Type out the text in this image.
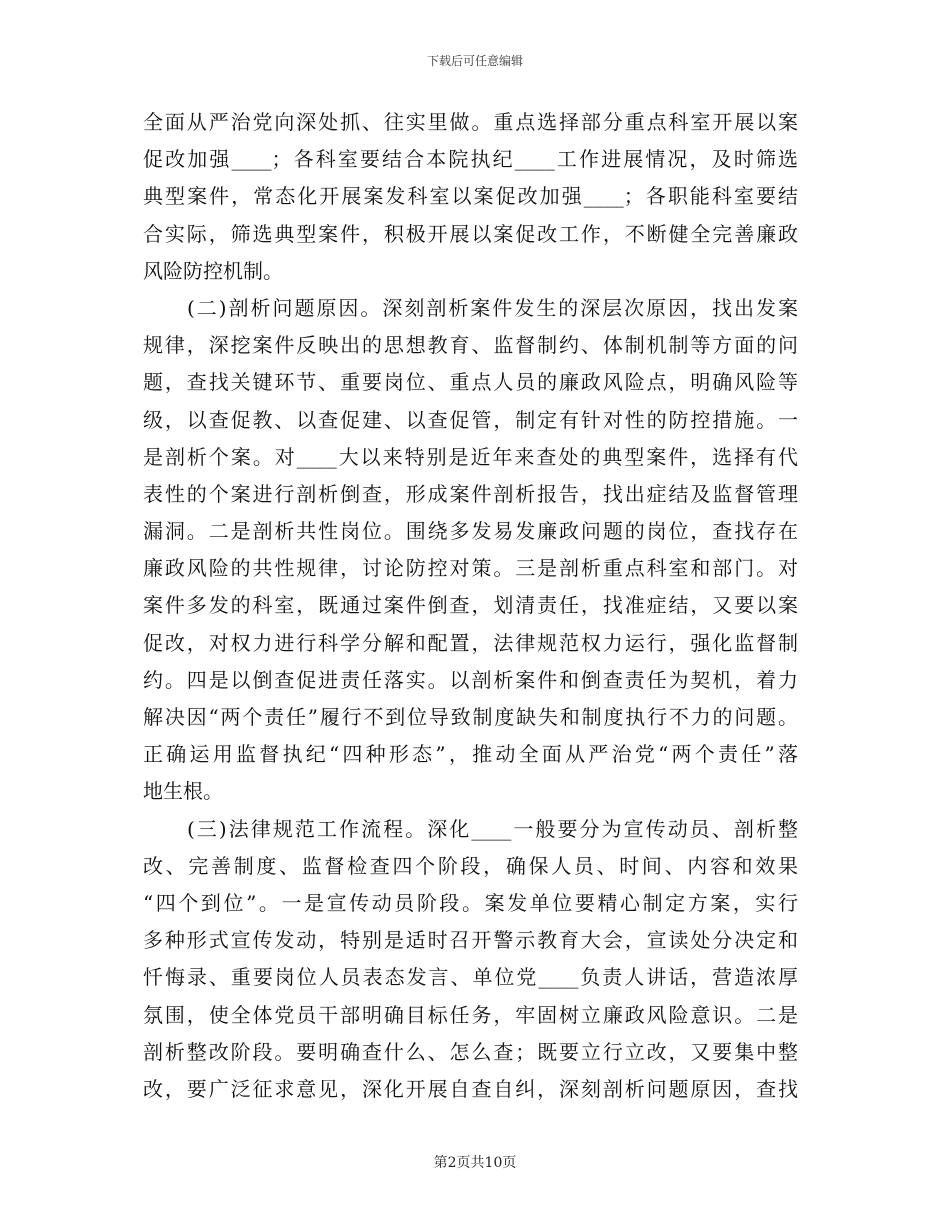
下载后可任意编辑
全面从严治党向深处抓、往实里做。重点选择部分重点科室开展以案
促改加强____；各科室要结合本院执纪____工作进展情况，及时筛选
典型案件，常态化开展案发科室以案促改加强____；各职能科室要结
合实际，筛选典型案件，积极开展以案促改工作，不断健全完善廉政
风险防控机制。
(二)剖析问题原因。深刻剖析案件发生的深层次原因，找出发案
规律，深挖案件反映出的思想教育、监督制约、体制机制等方面的问
题，查找关键环节、重要岗位、重点人员的廉政风险点，明确风险等
级，以查促教、以查促建、以查促管，制定有针对性的防控措施。一
是剖析个案。对____大以来特别是近年来查处的典型案件，选择有代
表性的个案进行剖析倒查，形成案件剖析报告，找出症结及监督管理
漏洞。二是剖析共性岗位。围绕多发易发廉政问题的岗位，查找存在
廉政风险的共性规律，讨论防控对策。三是剖析重点科室和部门。对
案件多发的科室，既通过案件倒查，划清责任，找准症结，又要以案
促改，对权力进行科学分解和配置，法律规范权力运行，强化监督制
约。四是以倒查促进责任落实。以剖析案件和倒查责任为契机，着力
解决因“两个责任”履行不到位导致制度缺失和制度执行不力的问题。
正确运用监督执纪“四种形态”，推动全面从严治党“两个责任”落
地生根。
(三)法律规范工作流程。深化____一般要分为宣传动员、剖析整
改、完善制度、监督检查四个阶段，确保人员、时间、内容和效果
“四个到位”。一是宣传动员阶段。案发单位要精心制定方案，实行
多种形式宣传发动，特别是适时召开警示教育大会，宣读处分决定和
忏悔录、重要岗位人员表态发言、单位党____负责人讲话，营造浓厚
氛围，使全体党员干部明确目标任务，牢固树立廉政风险意识。二是
剖析整改阶段。要明确查什么、怎么查；既要立行立改，又要集中整
改，要广泛征求意见，深化开展自查自纠，深刻剖析问题原因，查找
第2页共10页
